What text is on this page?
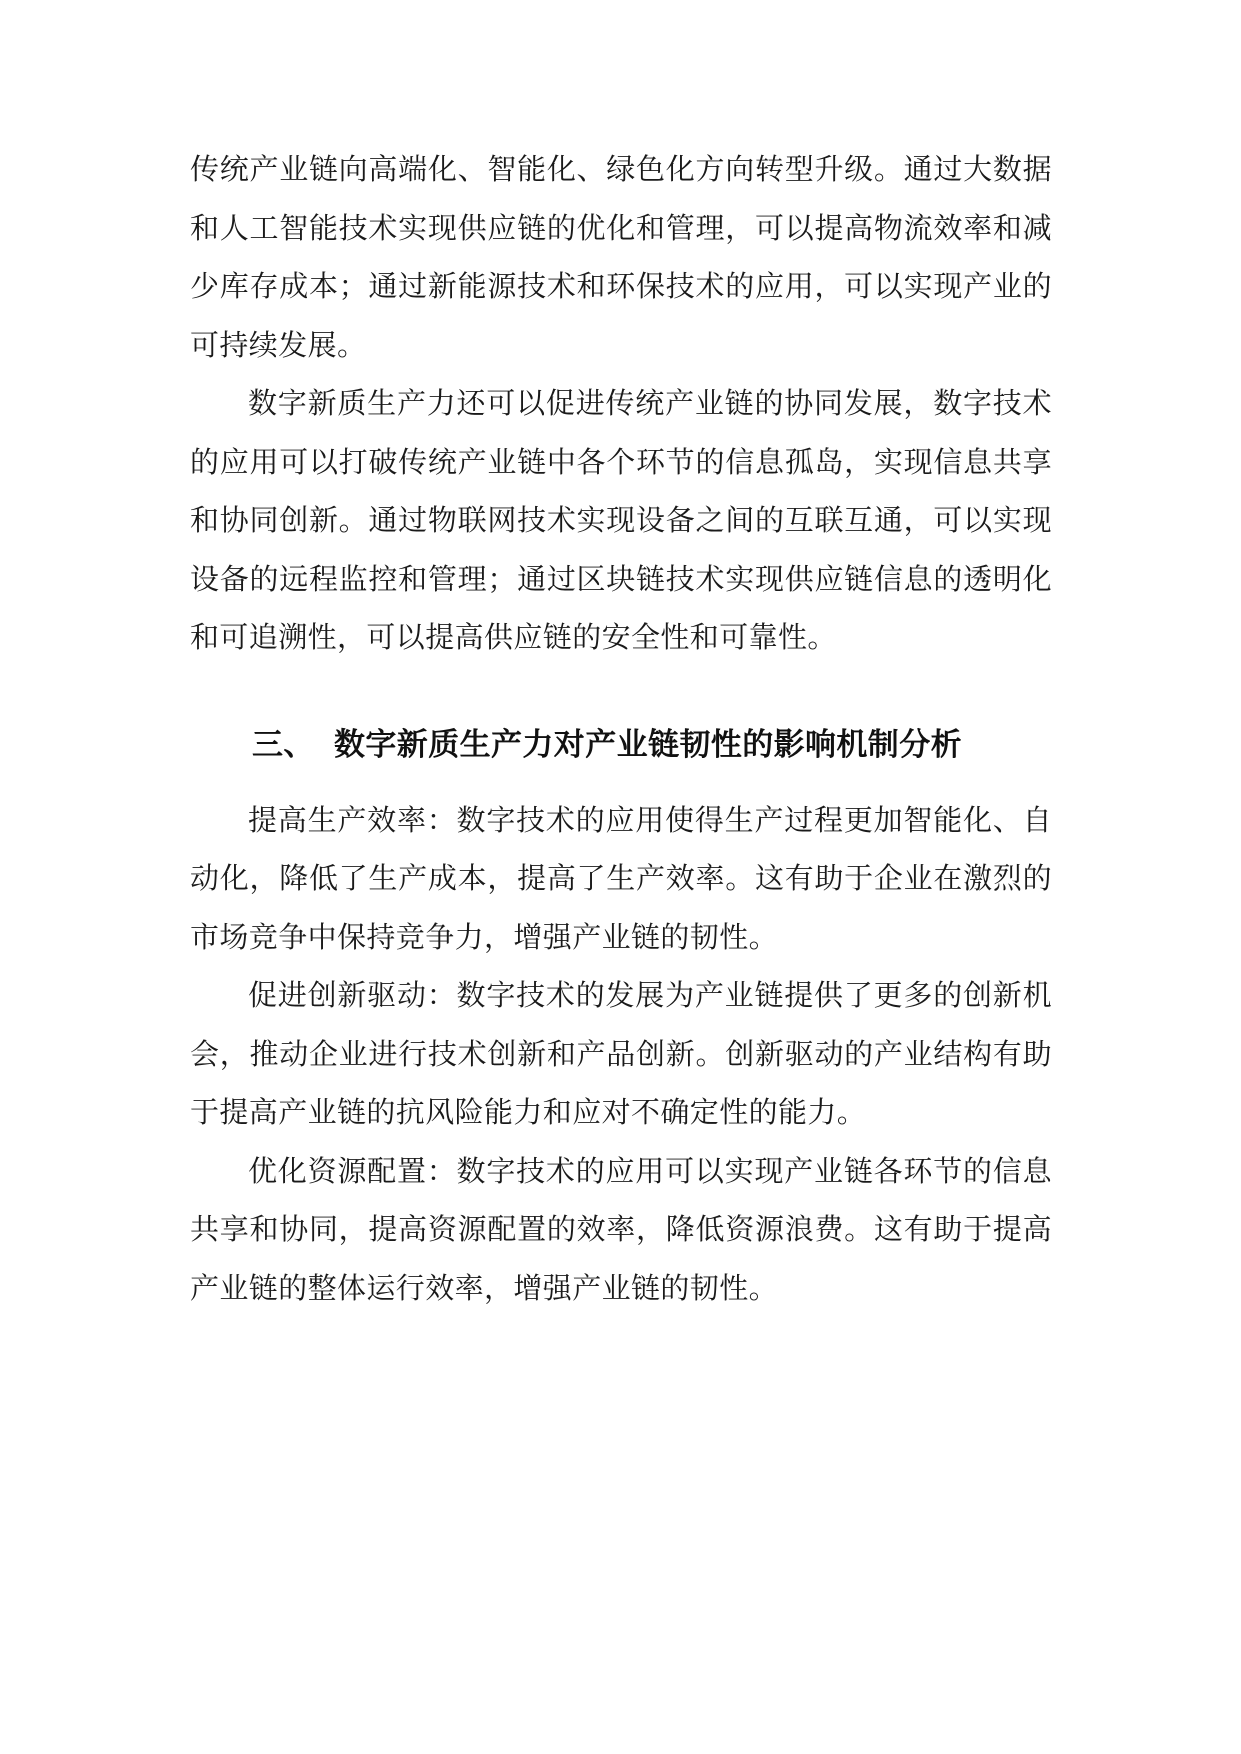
传统产业链向高端化、智能化、绿色化方向转型升级。通过大数据和人工智能技术实现供应链的优化和管理，可以提高物流效率和减少库存成本；通过新能源技术和环保技术的应用，可以实现产业的可持续发展。

数字新质生产力还可以促进传统产业链的协同发展，数字技术的应用可以打破传统产业链中各个环节的信息孤岛，实现信息共享和协同创新。通过物联网技术实现设备之间的互联互通，可以实现设备的远程监控和管理；通过区块链技术实现供应链信息的透明化和可追溯性，可以提高供应链的安全性和可靠性。

三、 数字新质生产力对产业链韧性的影响机制分析

提高生产效率：数字技术的应用使得生产过程更加智能化、自动化，降低了生产成本，提高了生产效率。这有助于企业在激烈的市场竞争中保持竞争力，增强产业链的韧性。

促进创新驱动：数字技术的发展为产业链提供了更多的创新机会，推动企业进行技术创新和产品创新。创新驱动的产业结构有助于提高产业链的抗风险能力和应对不确定性的能力。

优化资源配置：数字技术的应用可以实现产业链各环节的信息共享和协同，提高资源配置的效率，降低资源浪费。这有助于提高产业链的整体运行效率，增强产业链的韧性。
